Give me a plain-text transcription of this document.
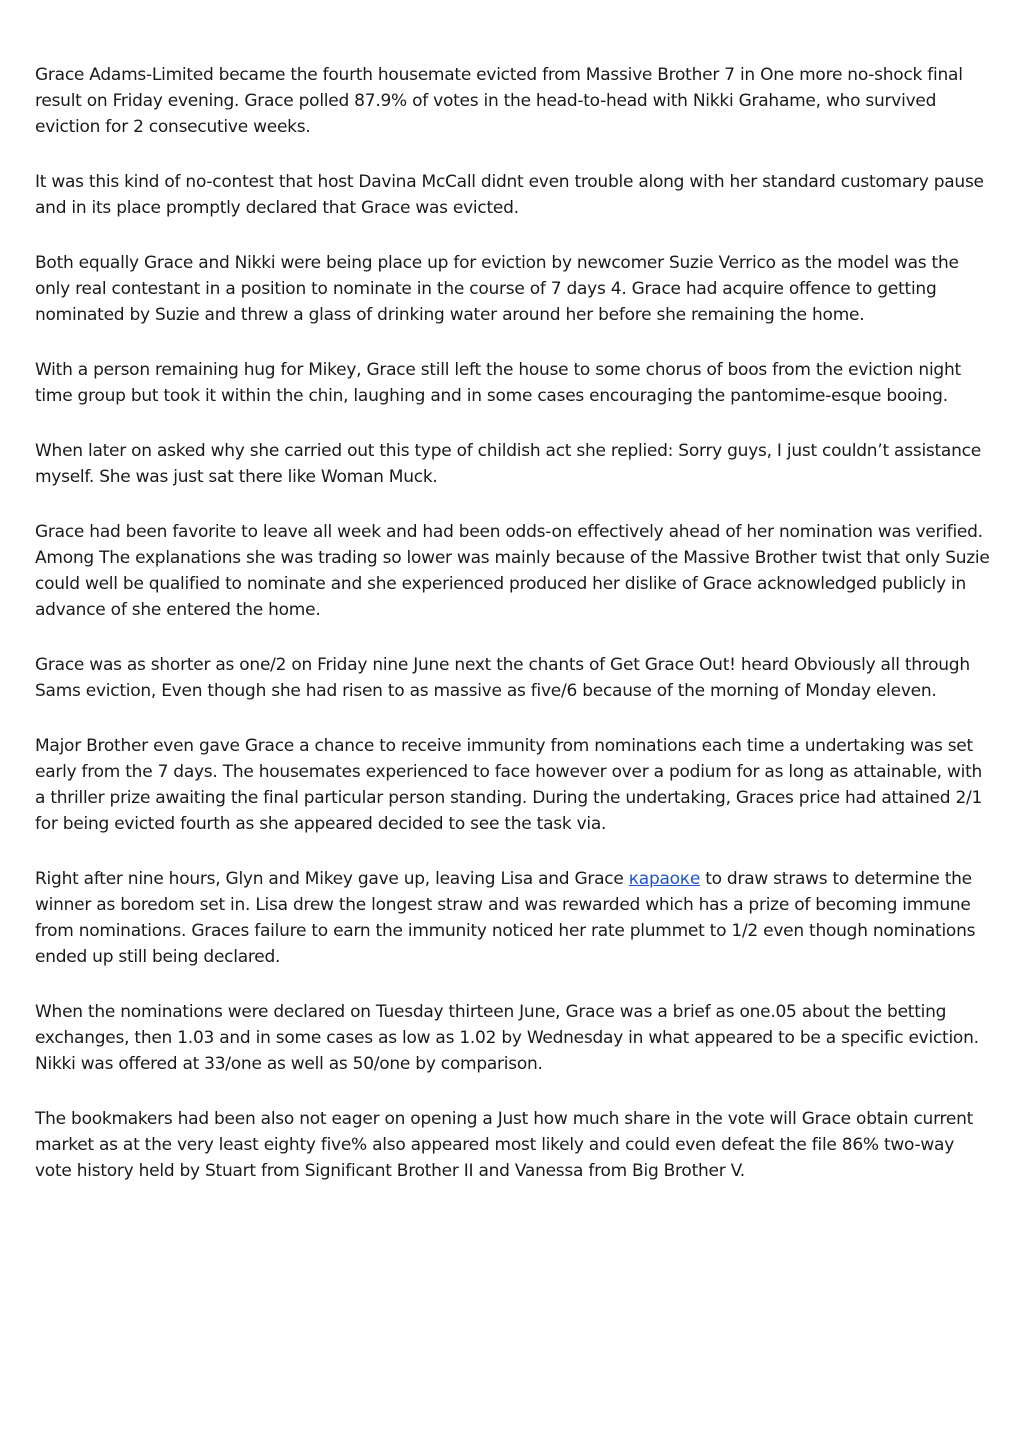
Grace Adams-Limited became the fourth housemate evicted from Massive Brother 7 in One more no-shock final result on Friday evening. Grace polled 87.9% of votes in the head-to-head with Nikki Grahame, who survived eviction for 2 consecutive weeks.

It was this kind of no-contest that host Davina McCall didnt even trouble along with her standard customary pause and in its place promptly declared that Grace was evicted.

Both equally Grace and Nikki were being place up for eviction by newcomer Suzie Verrico as the model was the only real contestant in a position to nominate in the course of 7 days 4. Grace had acquire offence to getting nominated by Suzie and threw a glass of drinking water around her before she remaining the home.

With a person remaining hug for Mikey, Grace still left the house to some chorus of boos from the eviction night time group but took it within the chin, laughing and in some cases encouraging the pantomime-esque booing.

When later on asked why she carried out this type of childish act she replied: Sorry guys, I just couldn’t assistance myself. She was just sat there like Woman Muck.

Grace had been favorite to leave all week and had been odds-on effectively ahead of her nomination was verified. Among The explanations she was trading so lower was mainly because of the Massive Brother twist that only Suzie could well be qualified to nominate and she experienced produced her dislike of Grace acknowledged publicly in advance of she entered the home.

Grace was as shorter as one/2 on Friday nine June next the chants of Get Grace Out! heard Obviously all through Sams eviction, Even though she had risen to as massive as five/6 because of the morning of Monday eleven.

Major Brother even gave Grace a chance to receive immunity from nominations each time a undertaking was set early from the 7 days. The housemates experienced to face however over a podium for as long as attainable, with a thriller prize awaiting the final particular person standing. During the undertaking, Graces price had attained 2/1 for being evicted fourth as she appeared decided to see the task via.

Right after nine hours, Glyn and Mikey gave up, leaving Lisa and Grace караоке to draw straws to determine the winner as boredom set in. Lisa drew the longest straw and was rewarded which has a prize of becoming immune from nominations. Graces failure to earn the immunity noticed her rate plummet to 1/2 even though nominations ended up still being declared.

When the nominations were declared on Tuesday thirteen June, Grace was a brief as one.05 about the betting exchanges, then 1.03 and in some cases as low as 1.02 by Wednesday in what appeared to be a specific eviction. Nikki was offered at 33/one as well as 50/one by comparison.

The bookmakers had been also not eager on opening a Just how much share in the vote will Grace obtain current market as at the very least eighty five% also appeared most likely and could even defeat the file 86% two-way vote history held by Stuart from Significant Brother II and Vanessa from Big Brother V.
